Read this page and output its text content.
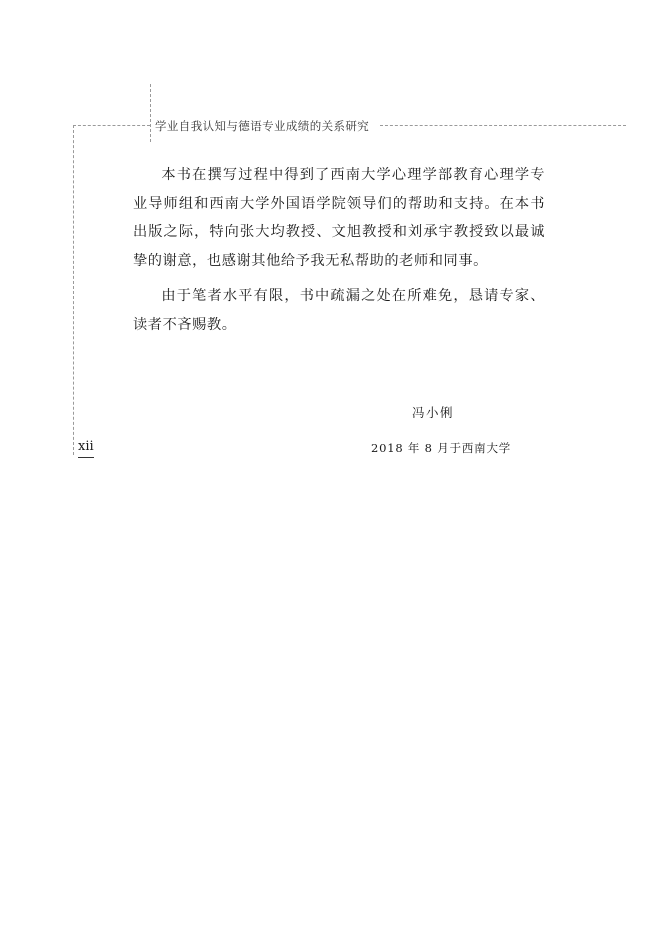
学业自我认知与德语专业成绩的关系研究

本书在撰写过程中得到了西南大学心理学部教育心理学专业导师组和西南大学外国语学院领导们的帮助和支持。在本书出版之际，特向张大均教授、文旭教授和刘承宇教授致以最诚挚的谢意，也感谢其他给予我无私帮助的老师和同事。

由于笔者水平有限，书中疏漏之处在所难免，恳请专家、读者不吝赐教。

冯小俐
2018 年 8 月于西南大学
xii
